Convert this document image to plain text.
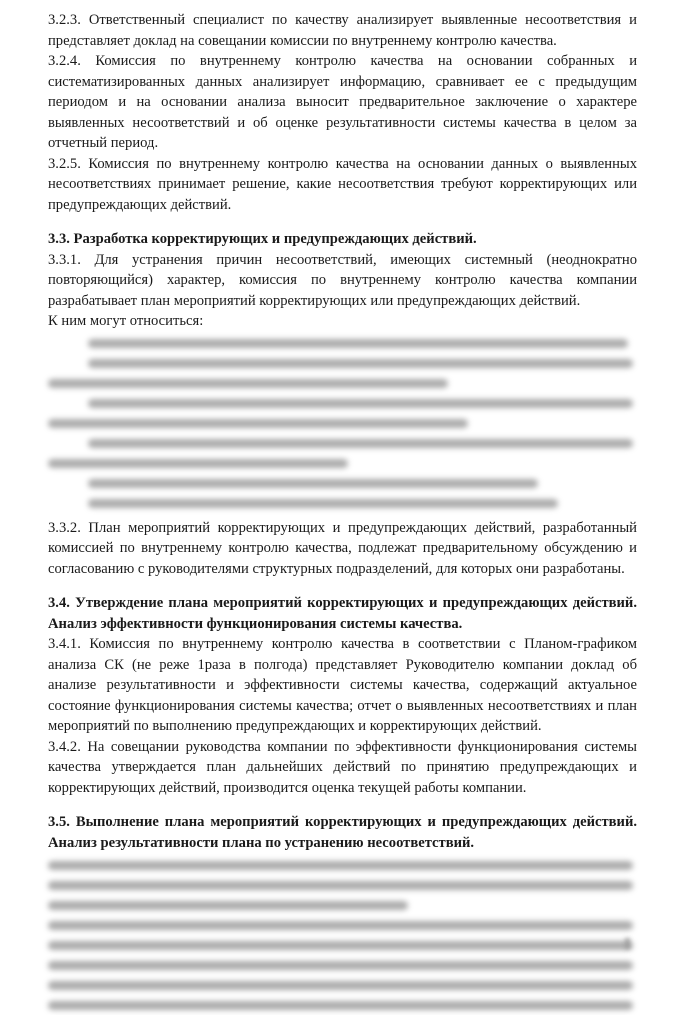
3.2.3. Ответственный специалист по качеству анализирует выявленные несоответствия и представляет доклад на совещании комиссии по внутреннему контролю качества.

3.2.4. Комиссия по внутреннему контролю качества на основании собранных и систематизированных данных анализирует информацию, сравнивает ее с предыдущим периодом и на основании анализа выносит предварительное заключение о характере выявленных несоответствий и об оценке результативности системы качества в целом за отчетный период.

3.2.5. Комиссия по внутреннему контролю качества на основании данных о выявленных несоответствиях принимает решение, какие несоответствия требуют корректирующих или предупреждающих действий.

3.3. Разработка корректирующих и предупреждающих действий.

3.3.1. Для устранения причин несоответствий, имеющих системный (неоднократно повторяющийся) характер, комиссия по внутреннему контролю качества компании разрабатывает план мероприятий корректирующих или предупреждающих действий.

К ним могут относиться:

3.3.2. План мероприятий корректирующих и предупреждающих действий, разработанный комиссией по внутреннему контролю качества, подлежат предварительному обсуждению и согласованию с руководителями структурных подразделений, для которых они разработаны.

3.4. Утверждение плана мероприятий корректирующих и предупреждающих действий. Анализ эффективности функционирования системы качества.

3.4.1. Комиссия по внутреннему контролю качества в соответствии с Планом-графиком анализа СК (не реже 1раза в полгода) представляет Руководителю компании доклад об анализе результативности и эффективности системы качества, содержащий актуальное состояние функционирования системы качества; отчет о выявленных несоответствиях и план мероприятий по выполнению предупреждающих и корректирующих действий.

3.4.2. На совещании руководства компании по эффективности функционирования системы качества утверждается план дальнейших действий по принятию предупреждающих и корректирующих действий, производится оценка текущей работы компании.

3.5. Выполнение плана мероприятий корректирующих и предупреждающих действий. Анализ результативности плана по устранению несоответствий.
